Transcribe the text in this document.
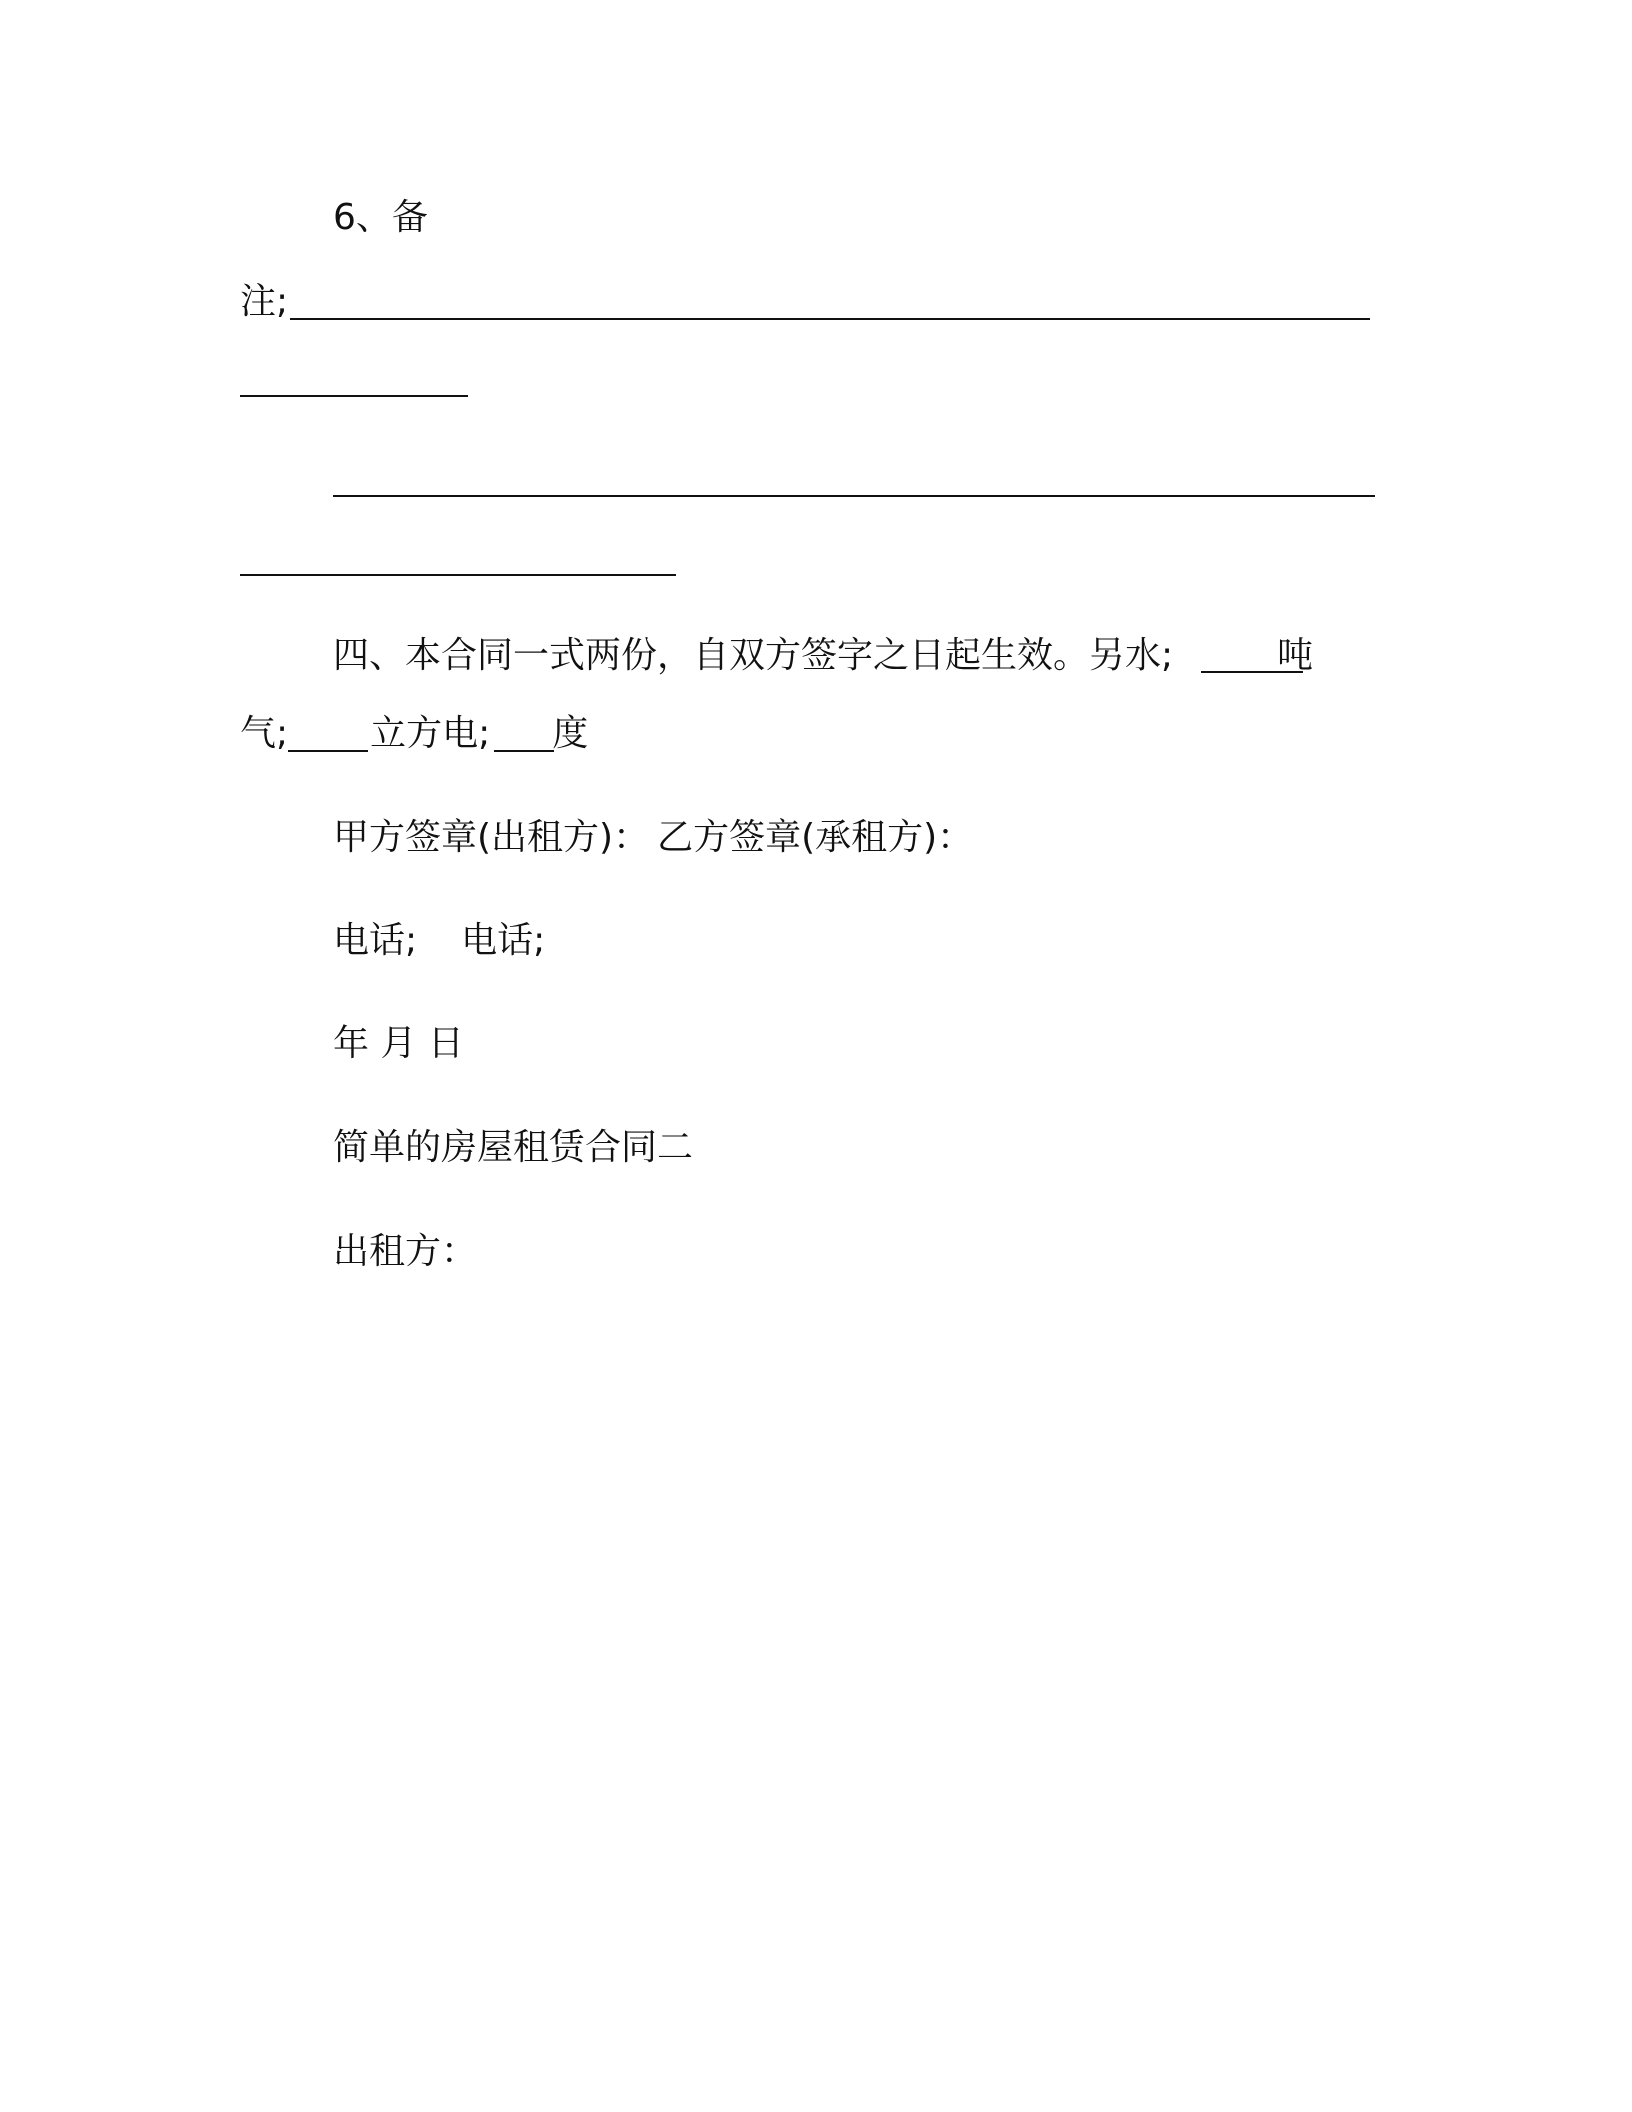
6、备
注;
四、本合同一式两份，自双方签字之日起生效。另水;	吨
气; 立方电; 度
甲方签章(出租方)： 乙方签章(承租方)：
电话; 电话;
年 月 日
简单的房屋租赁合同二
出租方：
